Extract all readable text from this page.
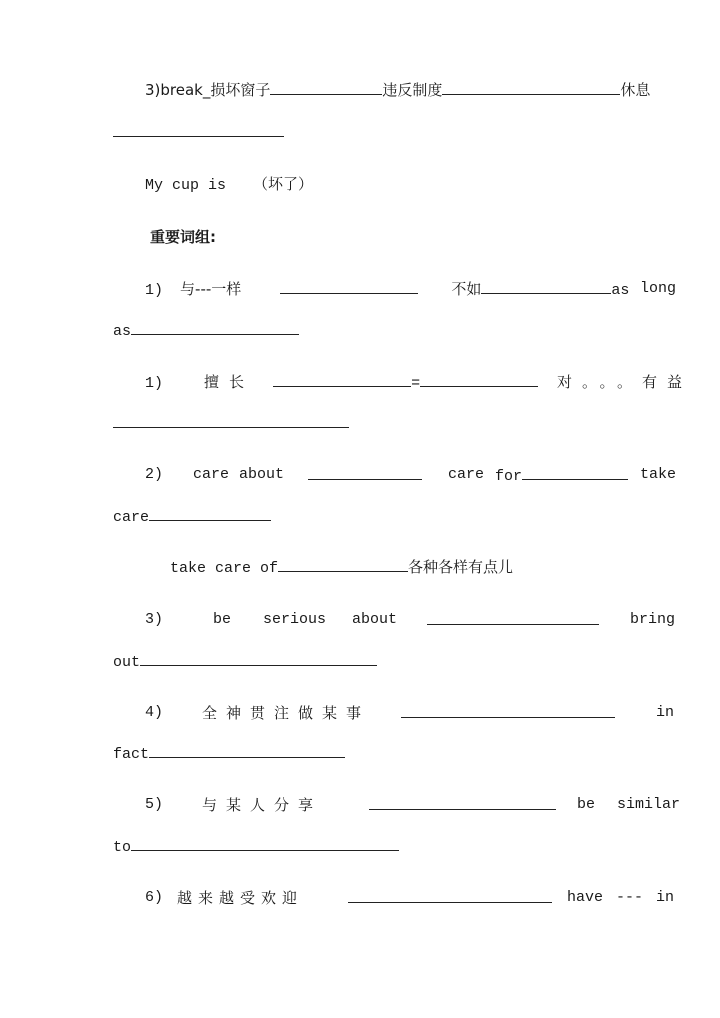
3)break_损坏窗子	违反制度	休息
My cup is （坏了）
重要词组:
1) 与---一样	不如	as long
as
1)	擅长	=	对。。。有益
2) care about	care for	take
care
take care of	各种各样有点儿
3)	be serious about	bring
out
4)	全神贯注做某事	in
fact
5)	与某人分享	be similar
to
6) 越来越受欢迎	have --- in
